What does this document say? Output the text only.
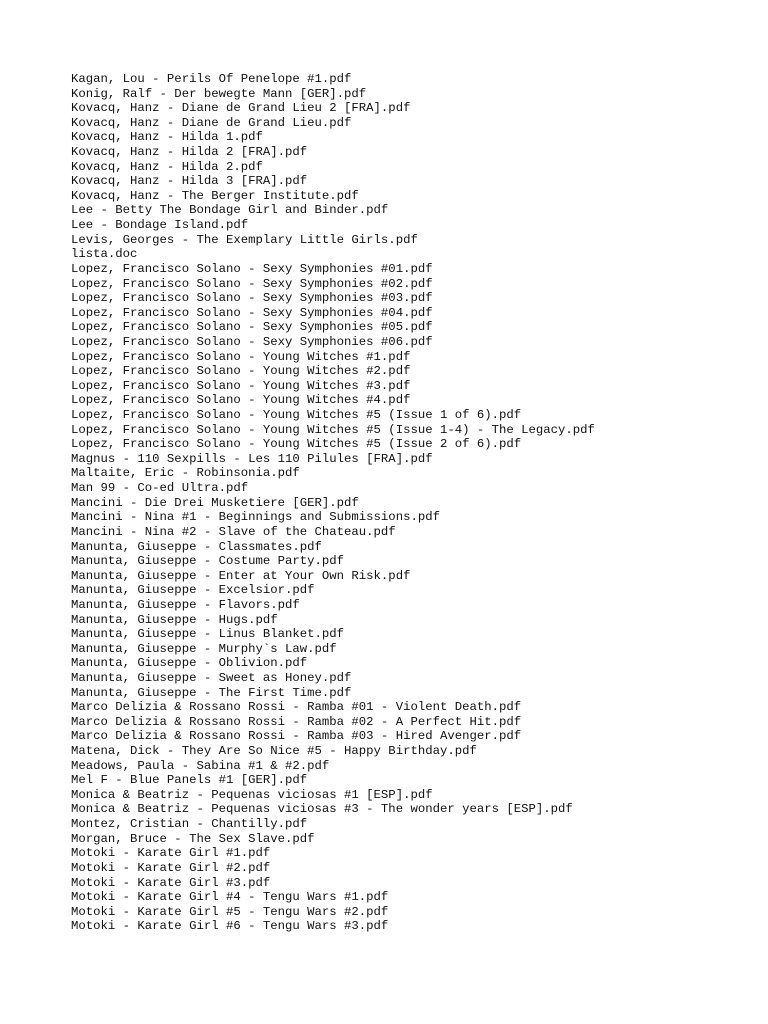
Kagan, Lou - Perils Of Penelope #1.pdf
Konig, Ralf - Der bewegte Mann [GER].pdf
Kovacq, Hanz - Diane de Grand Lieu 2 [FRA].pdf
Kovacq, Hanz - Diane de Grand Lieu.pdf
Kovacq, Hanz - Hilda 1.pdf
Kovacq, Hanz - Hilda 2 [FRA].pdf
Kovacq, Hanz - Hilda 2.pdf
Kovacq, Hanz - Hilda 3 [FRA].pdf
Kovacq, Hanz - The Berger Institute.pdf
Lee - Betty The Bondage Girl and Binder.pdf
Lee - Bondage Island.pdf
Levis, Georges - The Exemplary Little Girls.pdf
lista.doc
Lopez, Francisco Solano - Sexy Symphonies #01.pdf
Lopez, Francisco Solano - Sexy Symphonies #02.pdf
Lopez, Francisco Solano - Sexy Symphonies #03.pdf
Lopez, Francisco Solano - Sexy Symphonies #04.pdf
Lopez, Francisco Solano - Sexy Symphonies #05.pdf
Lopez, Francisco Solano - Sexy Symphonies #06.pdf
Lopez, Francisco Solano - Young Witches #1.pdf
Lopez, Francisco Solano - Young Witches #2.pdf
Lopez, Francisco Solano - Young Witches #3.pdf
Lopez, Francisco Solano - Young Witches #4.pdf
Lopez, Francisco Solano - Young Witches #5 (Issue 1 of 6).pdf
Lopez, Francisco Solano - Young Witches #5 (Issue 1-4) - The Legacy.pdf
Lopez, Francisco Solano - Young Witches #5 (Issue 2 of 6).pdf
Magnus - 110 Sexpills - Les 110 Pilules [FRA].pdf
Maltaite, Eric - Robinsonia.pdf
Man 99 - Co-ed Ultra.pdf
Mancini - Die Drei Musketiere [GER].pdf
Mancini - Nina #1 - Beginnings and Submissions.pdf
Mancini - Nina #2 - Slave of the Chateau.pdf
Manunta, Giuseppe - Classmates.pdf
Manunta, Giuseppe - Costume Party.pdf
Manunta, Giuseppe - Enter at Your Own Risk.pdf
Manunta, Giuseppe - Excelsior.pdf
Manunta, Giuseppe - Flavors.pdf
Manunta, Giuseppe - Hugs.pdf
Manunta, Giuseppe - Linus Blanket.pdf
Manunta, Giuseppe - Murphy`s Law.pdf
Manunta, Giuseppe - Oblivion.pdf
Manunta, Giuseppe - Sweet as Honey.pdf
Manunta, Giuseppe - The First Time.pdf
Marco Delizia & Rossano Rossi - Ramba #01 - Violent Death.pdf
Marco Delizia & Rossano Rossi - Ramba #02 - A Perfect Hit.pdf
Marco Delizia & Rossano Rossi - Ramba #03 - Hired Avenger.pdf
Matena, Dick - They Are So Nice #5 - Happy Birthday.pdf
Meadows, Paula - Sabina #1 & #2.pdf
Mel F - Blue Panels #1 [GER].pdf
Monica & Beatriz - Pequenas viciosas #1 [ESP].pdf
Monica & Beatriz - Pequenas viciosas #3 - The wonder years [ESP].pdf
Montez, Cristian - Chantilly.pdf
Morgan, Bruce - The Sex Slave.pdf
Motoki - Karate Girl #1.pdf
Motoki - Karate Girl #2.pdf
Motoki - Karate Girl #3.pdf
Motoki - Karate Girl #4 - Tengu Wars #1.pdf
Motoki - Karate Girl #5 - Tengu Wars #2.pdf
Motoki - Karate Girl #6 - Tengu Wars #3.pdf
